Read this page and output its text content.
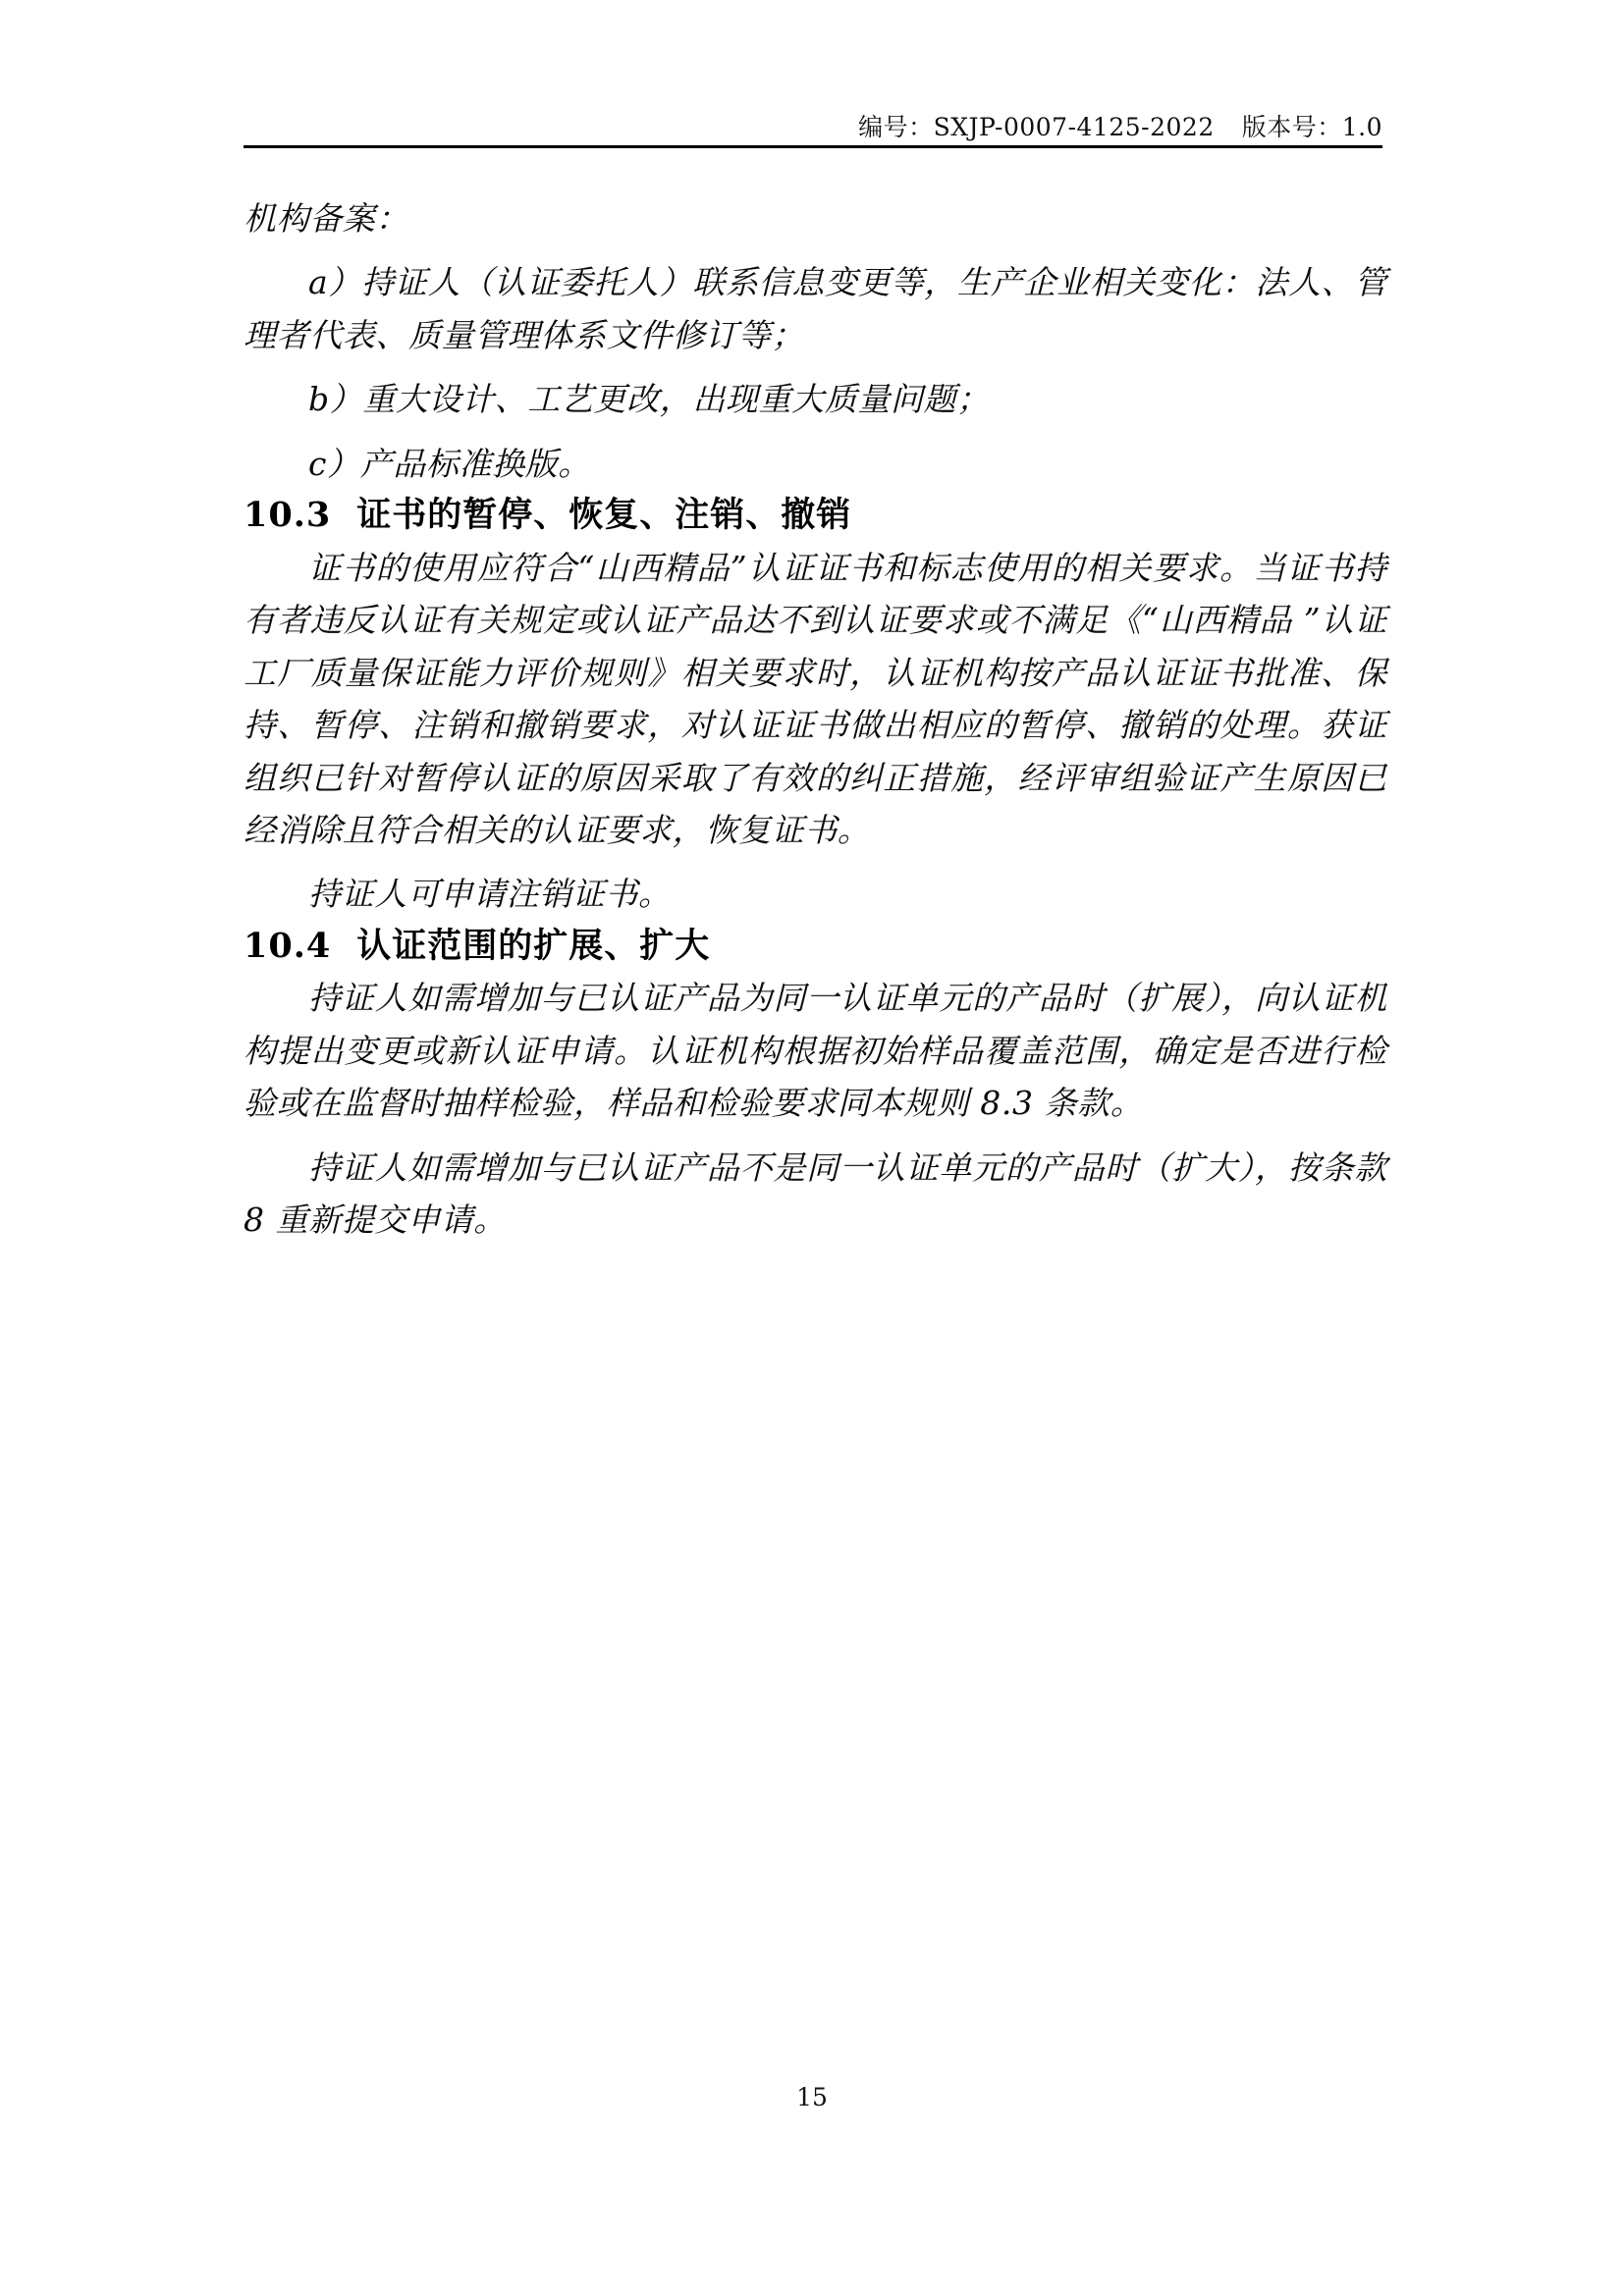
编号：SXJP-0007-4125-2022 版本号：1.0

机构备案：

a）持证人（认证委托人）联系信息变更等，生产企业相关变化：法人、管理者代表、质量管理体系文件修订等；

b）重大设计、工艺更改，出现重大质量问题；

c）产品标准换版。

10.3 证书的暂停、恢复、注销、撤销

证书的使用应符合“山西精品”认证证书和标志使用的相关要求。当证书持有者违反认证有关规定或认证产品达不到认证要求或不满足《“山西精品 ”认证 工厂质量保证能力评价规则》相关要求时，认证机构按产品认证证书批准、保持、暂停、注销和撤销要求，对认证证书做出相应的暂停、撤销的处理。获证组织已针对暂停认证的原因采取了有效的纠正措施，经评审组验证产生原因已经消除且符合相关的认证要求，恢复证书。

持证人可申请注销证书。

10.4 认证范围的扩展、扩大

持证人如需增加与已认证产品为同一认证单元的产品时（扩展），向认证机构提出变更或新认证申请。认证机构根据初始样品覆盖范围，确定是否进行检验或在监督时抽样检验，样品和检验要求同本规则 8.3 条款。

持证人如需增加与已认证产品不是同一认证单元的产品时（扩大），按条款 8 重新提交申请。

15
